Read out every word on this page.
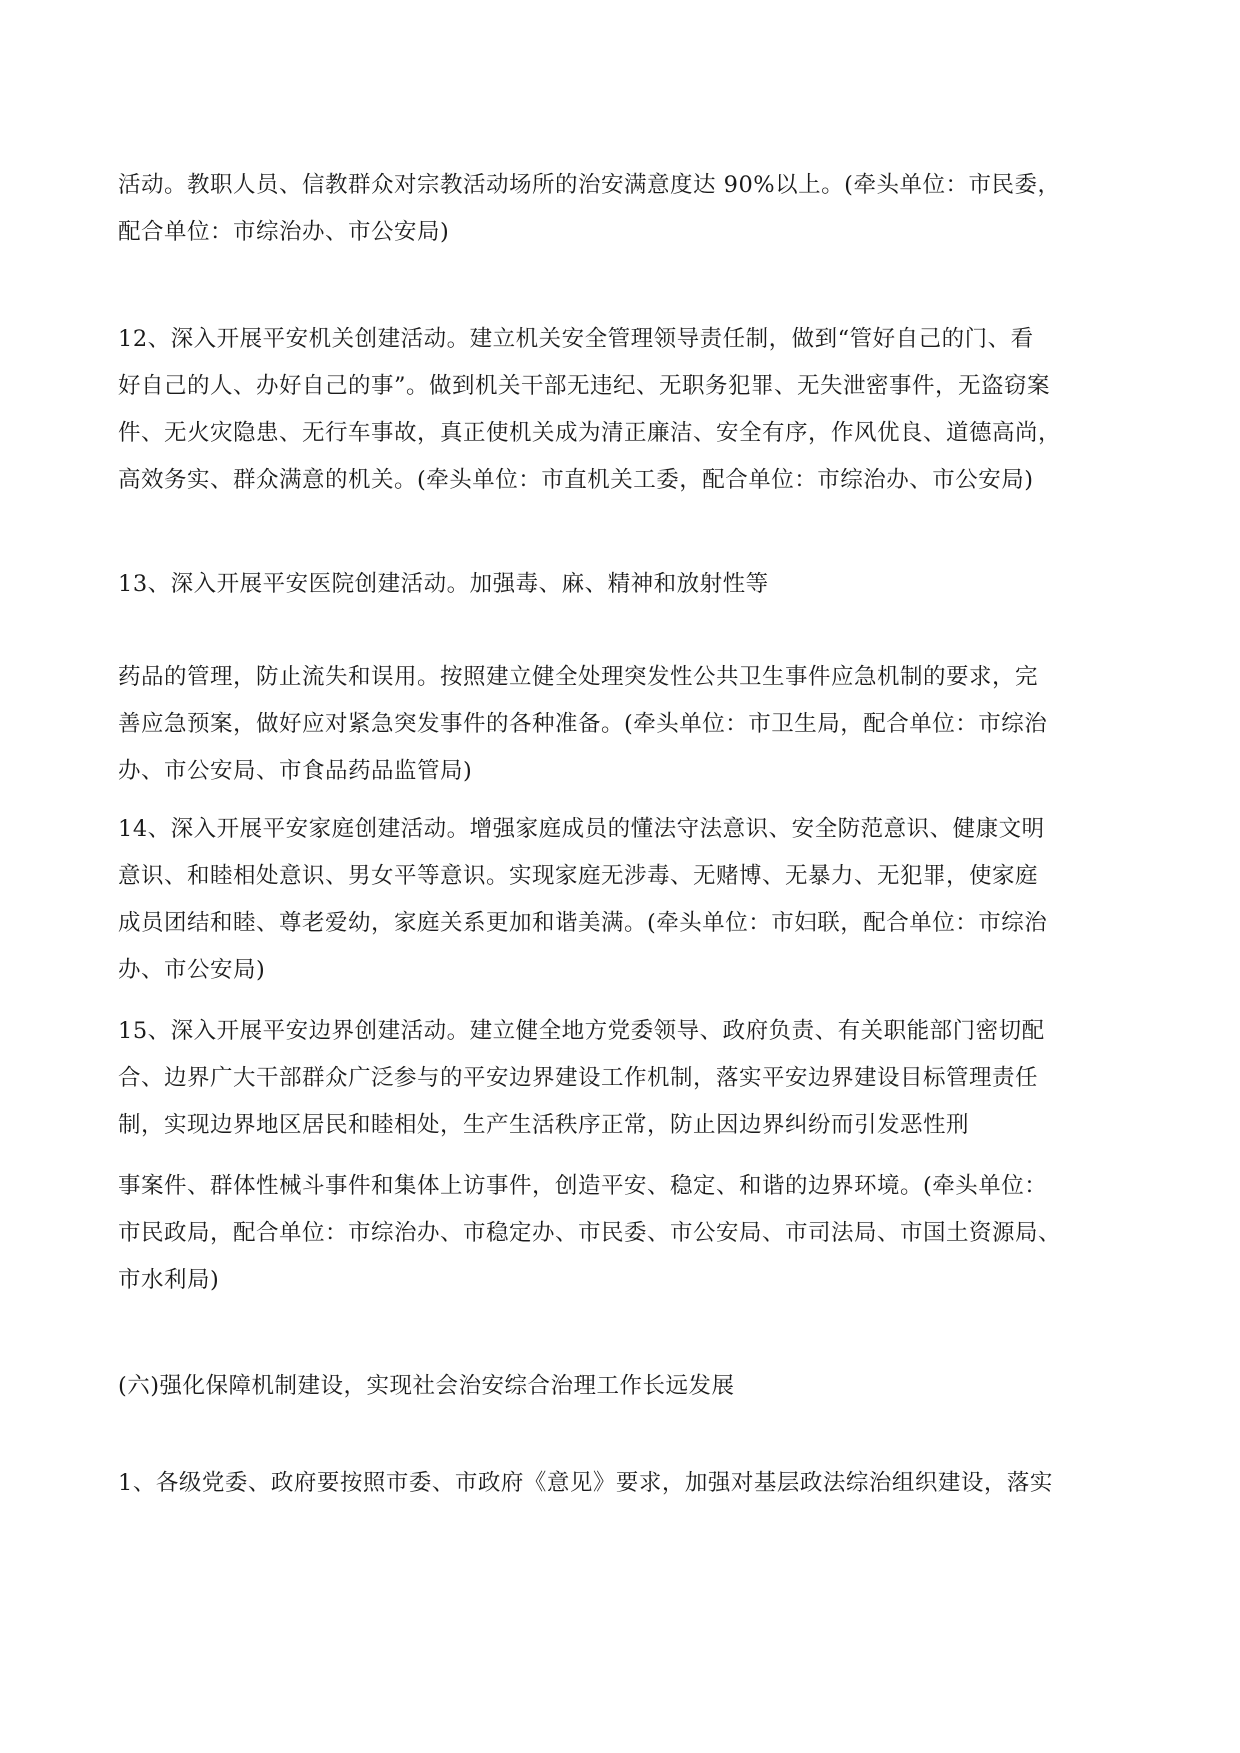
活动。教职人员、信教群众对宗教活动场所的治安满意度达 90%以上。(牵头单位：市民委，
配合单位：市综治办、市公安局)

12、深入开展平安机关创建活动。建立机关安全管理领导责任制，做到“管好自己的门、看
好自己的人、办好自己的事”。做到机关干部无违纪、无职务犯罪、无失泄密事件，无盗窃案
件、无火灾隐患、无行车事故，真正使机关成为清正廉洁、安全有序，作风优良、道德高尚，
高效务实、群众满意的机关。(牵头单位：市直机关工委，配合单位：市综治办、市公安局)

13、深入开展平安医院创建活动。加强毒、麻、精神和放射性等

药品的管理，防止流失和误用。按照建立健全处理突发性公共卫生事件应急机制的要求，完
善应急预案，做好应对紧急突发事件的各种准备。(牵头单位：市卫生局，配合单位：市综治
办、市公安局、市食品药品监管局)

14、深入开展平安家庭创建活动。增强家庭成员的懂法守法意识、安全防范意识、健康文明
意识、和睦相处意识、男女平等意识。实现家庭无涉毒、无赌博、无暴力、无犯罪，使家庭
成员团结和睦、尊老爱幼，家庭关系更加和谐美满。(牵头单位：市妇联，配合单位：市综治
办、市公安局)

15、深入开展平安边界创建活动。建立健全地方党委领导、政府负责、有关职能部门密切配
合、边界广大干部群众广泛参与的平安边界建设工作机制，落实平安边界建设目标管理责任
制，实现边界地区居民和睦相处，生产生活秩序正常，防止因边界纠纷而引发恶性刑

事案件、群体性械斗事件和集体上访事件，创造平安、稳定、和谐的边界环境。(牵头单位：
市民政局，配合单位：市综治办、市稳定办、市民委、市公安局、市司法局、市国土资源局、
市水利局)

(六)强化保障机制建设，实现社会治安综合治理工作长远发展

1、各级党委、政府要按照市委、市政府《意见》要求，加强对基层政法综治组织建设，落实
